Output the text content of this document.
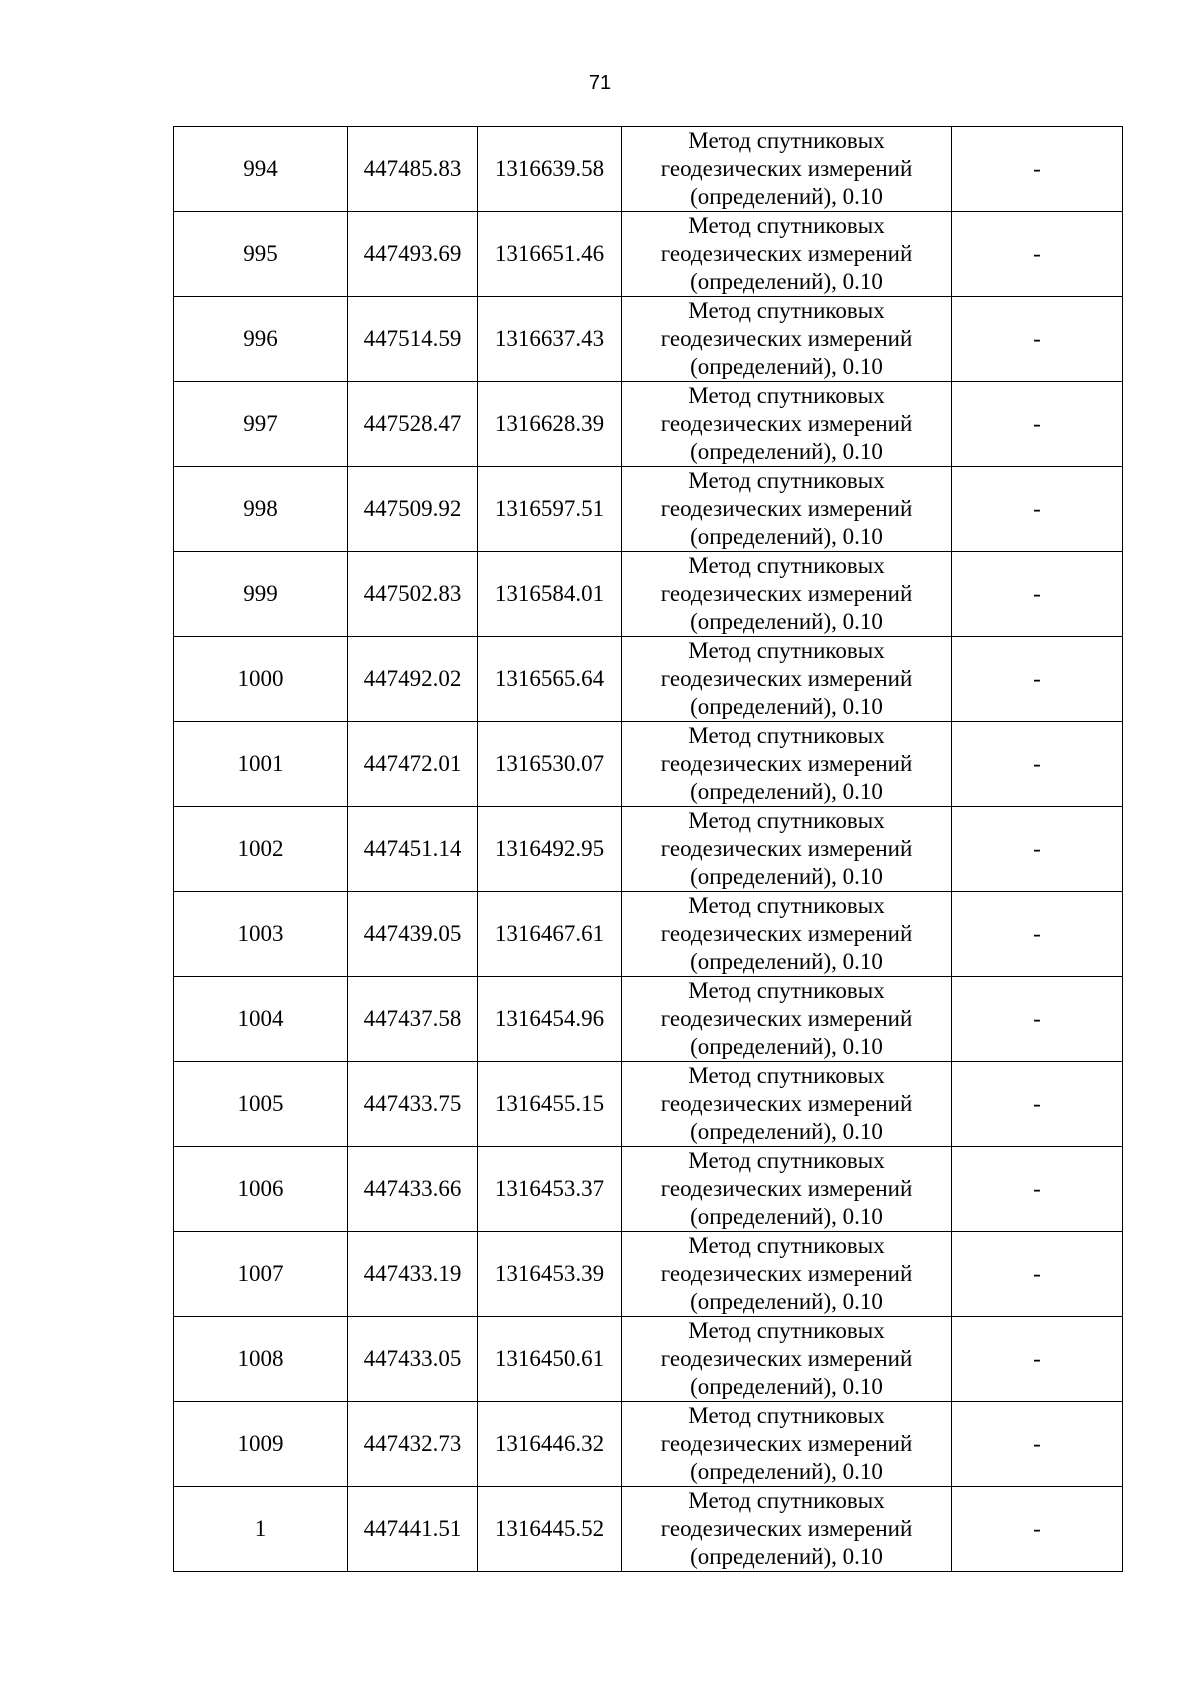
71
994	447485.83	1316639.58	Метод спутниковых
геодезических измерений
(определений), 0.10	-
995	447493.69	1316651.46	Метод спутниковых
геодезических измерений
(определений), 0.10	-
996	447514.59	1316637.43	Метод спутниковых
геодезических измерений
(определений), 0.10	-
997	447528.47	1316628.39	Метод спутниковых
геодезических измерений
(определений), 0.10	-
998	447509.92	1316597.51	Метод спутниковых
геодезических измерений
(определений), 0.10	-
999	447502.83	1316584.01	Метод спутниковых
геодезических измерений
(определений), 0.10	-
1000	447492.02	1316565.64	Метод спутниковых
геодезических измерений
(определений), 0.10	-
1001	447472.01	1316530.07	Метод спутниковых
геодезических измерений
(определений), 0.10	-
1002	447451.14	1316492.95	Метод спутниковых
геодезических измерений
(определений), 0.10	-
1003	447439.05	1316467.61	Метод спутниковых
геодезических измерений
(определений), 0.10	-
1004	447437.58	1316454.96	Метод спутниковых
геодезических измерений
(определений), 0.10	-
1005	447433.75	1316455.15	Метод спутниковых
геодезических измерений
(определений), 0.10	-
1006	447433.66	1316453.37	Метод спутниковых
геодезических измерений
(определений), 0.10	-
1007	447433.19	1316453.39	Метод спутниковых
геодезических измерений
(определений), 0.10	-
1008	447433.05	1316450.61	Метод спутниковых
геодезических измерений
(определений), 0.10	-
1009	447432.73	1316446.32	Метод спутниковых
геодезических измерений
(определений), 0.10	-
1	447441.51	1316445.52	Метод спутниковых
геодезических измерений
(определений), 0.10	-
